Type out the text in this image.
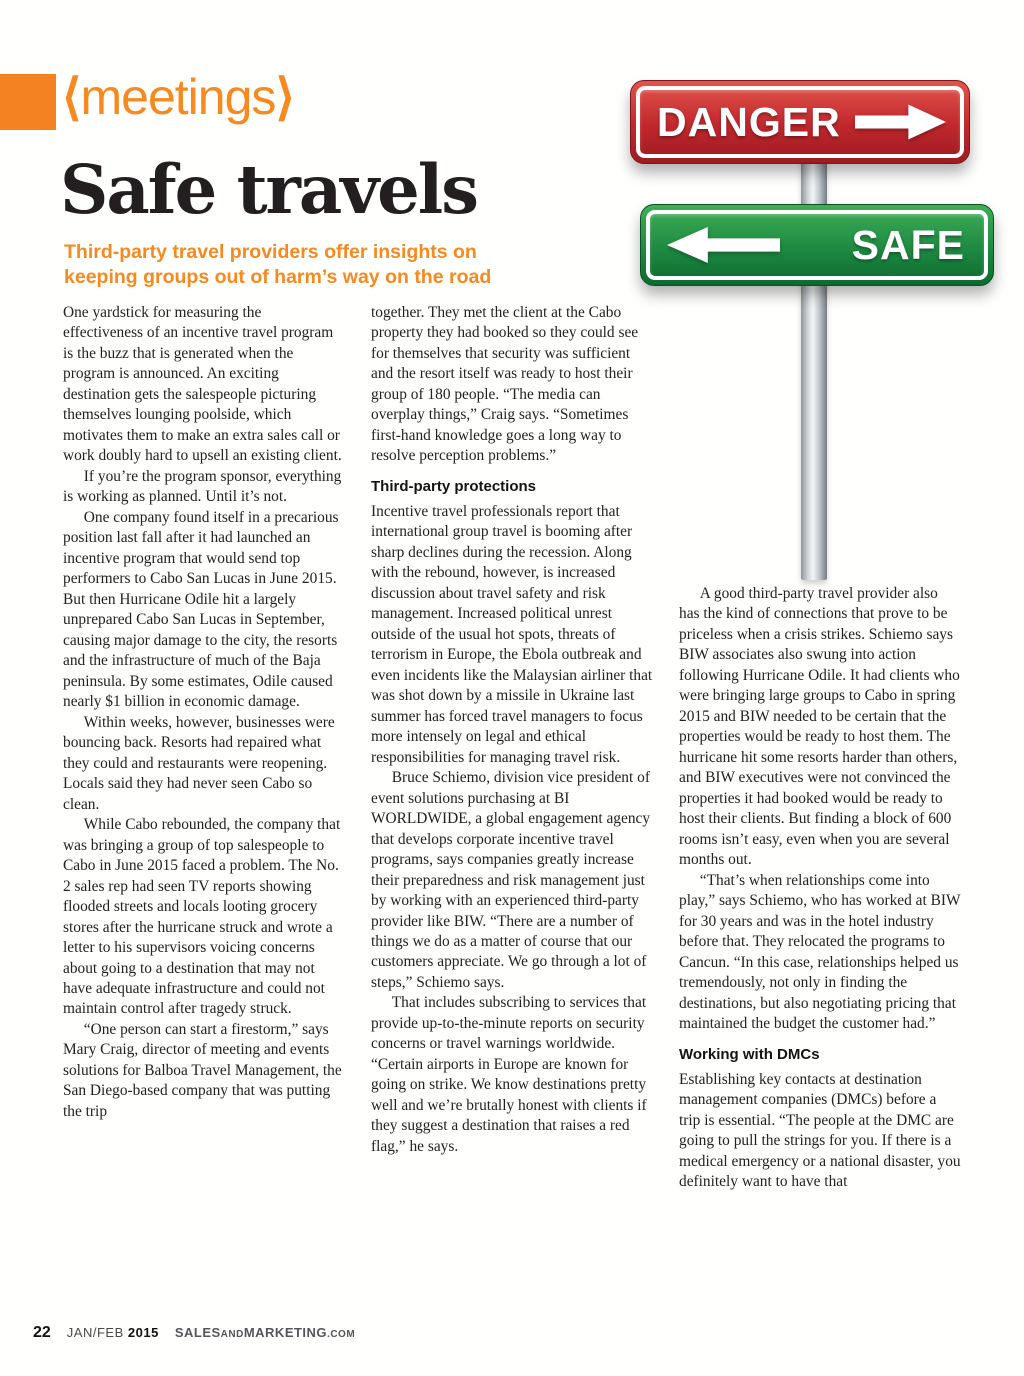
⟨meetings⟩
Safe travels

Third-party travel providers offer insights on keeping groups out of harm’s way on the road

DANGER
SAFE

One yardstick for measuring the effectiveness of an incentive travel program is the buzz that is generated when the program is announced. An exciting destination gets the salespeople picturing themselves lounging poolside, which motivates them to make an extra sales call or work doubly hard to upsell an existing client.

If you’re the program sponsor, everything is working as planned. Until it’s not.

One company found itself in a precarious position last fall after it had launched an incentive program that would send top performers to Cabo San Lucas in June 2015. But then Hurricane Odile hit a largely unprepared Cabo San Lucas in September, causing major damage to the city, the resorts and the infrastructure of much of the Baja peninsula. By some estimates, Odile caused nearly $1 billion in economic damage.

Within weeks, however, businesses were bouncing back. Resorts had repaired what they could and restaurants were reopening. Locals said they had never seen Cabo so clean.

While Cabo rebounded, the company that was bringing a group of top salespeople to Cabo in June 2015 faced a problem. The No. 2 sales rep had seen TV reports showing flooded streets and locals looting grocery stores after the hurricane struck and wrote a letter to his supervisors voicing concerns about going to a destination that may not have adequate infrastructure and could not maintain control after tragedy struck.

“One person can start a firestorm,” says Mary Craig, director of meeting and events solutions for Balboa Travel Management, the San Diego-based company that was putting the trip

together. They met the client at the Cabo property they had booked so they could see for themselves that security was sufficient and the resort itself was ready to host their group of 180 people. “The media can overplay things,” Craig says. “Sometimes first-hand knowledge goes a long way to resolve perception problems.”

Third-party protections

Incentive travel professionals report that international group travel is booming after sharp declines during the recession. Along with the rebound, however, is increased discussion about travel safety and risk management. Increased political unrest outside of the usual hot spots, threats of terrorism in Europe, the Ebola outbreak and even incidents like the Malaysian airliner that was shot down by a missile in Ukraine last summer has forced travel managers to focus more intensely on legal and ethical responsibilities for managing travel risk.

Bruce Schiemo, division vice president of event solutions purchasing at BI WORLDWIDE, a global engagement agency that develops corporate incentive travel programs, says companies greatly increase their preparedness and risk management just by working with an experienced third-party provider like BIW. “There are a number of things we do as a matter of course that our customers appreciate. We go through a lot of steps,” Schiemo says.

That includes subscribing to services that provide up-to-the-minute reports on security concerns or travel warnings worldwide. “Certain airports in Europe are known for going on strike. We know destinations pretty well and we’re brutally honest with clients if they suggest a destination that raises a red flag,” he says.

A good third-party travel provider also has the kind of connections that prove to be priceless when a crisis strikes. Schiemo says BIW associates also swung into action following Hurricane Odile. It had clients who were bringing large groups to Cabo in spring 2015 and BIW needed to be certain that the properties would be ready to host them. The hurricane hit some resorts harder than others, and BIW executives were not convinced the properties it had booked would be ready to host their clients. But finding a block of 600 rooms isn’t easy, even when you are several months out.

“That’s when relationships come into play,” says Schiemo, who has worked at BIW for 30 years and was in the hotel industry before that. They relocated the programs to Cancun. “In this case, relationships helped us tremendously, not only in finding the destinations, but also negotiating pricing that maintained the budget the customer had.”

Working with DMCs

Establishing key contacts at destination management companies (DMCs) before a trip is essential. “The people at the DMC are going to pull the strings for you. If there is a medical emergency or a national disaster, you definitely want to have that

22 JAN/FEB 2015 SALESANDMARKETING.COM
